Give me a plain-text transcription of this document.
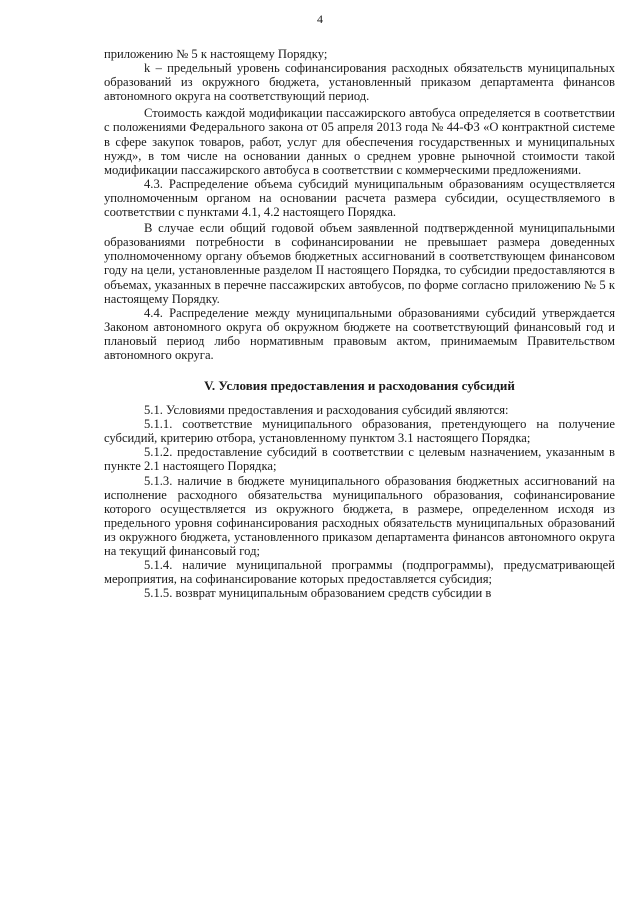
4

приложению № 5 к настоящему Порядку;

k – предельный уровень софинансирования расходных обязательств муниципальных образований из окружного бюджета, установленный приказом департамента финансов автономного округа на соответствующий период.

Стоимость каждой модификации пассажирского автобуса определяется в соответствии с положениями Федерального закона от 05 апреля 2013 года № 44-ФЗ «О контрактной системе в сфере закупок товаров, работ, услуг для обеспечения государственных и муниципальных нужд», в том числе на основании данных о среднем уровне рыночной стоимости такой модификации пассажирского автобуса в соответствии с коммерческими предложениями.

4.3. Распределение объема субсидий муниципальным образованиям осуществляется уполномоченным органом на основании расчета размера субсидии, осуществляемого в соответствии с пунктами 4.1, 4.2 настоящего Порядка.

В случае если общий годовой объем заявленной подтвержденной муниципальными образованиями потребности в софинансировании не превышает размера доведенных уполномоченному органу объемов бюджетных ассигнований в соответствующем финансовом году на цели, установленные разделом II настоящего Порядка, то субсидии предоставляются в объемах, указанных в перечне пассажирских автобусов, по форме согласно приложению № 5 к настоящему Порядку.

4.4. Распределение между муниципальными образованиями субсидий утверждается Законом автономного округа об окружном бюджете на соответствующий финансовый год и плановый период либо нормативным правовым актом, принимаемым Правительством автономного округа.

V. Условия предоставления и расходования субсидий

5.1. Условиями предоставления и расходования субсидий являются:

5.1.1. соответствие муниципального образования, претендующего на получение субсидий, критерию отбора, установленному пунктом 3.1 настоящего Порядка;

5.1.2. предоставление субсидий в соответствии с целевым назначением, указанным в пункте 2.1 настоящего Порядка;

5.1.3. наличие в бюджете муниципального образования бюджетных ассигнований на исполнение расходного обязательства муниципального образования, софинансирование которого осуществляется из окружного бюджета, в размере, определенном исходя из предельного уровня софинансирования расходных обязательств муниципальных образований из окружного бюджета, установленного приказом департамента финансов автономного округа на текущий финансовый год;

5.1.4. наличие муниципальной программы (подпрограммы), предусматривающей мероприятия, на софинансирование которых предоставляется субсидия;

5.1.5. возврат муниципальным образованием средств субсидии в
